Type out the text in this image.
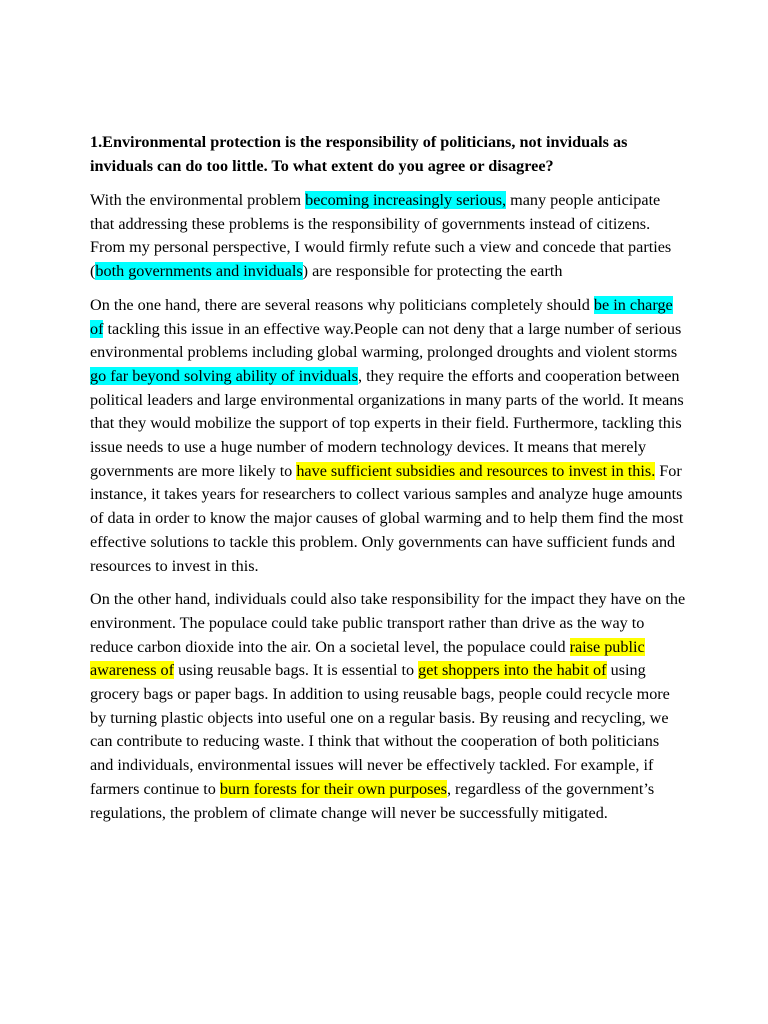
1.Environmental protection is the responsibility of politicians, not inviduals as inviduals can do too little. To what extent do you agree or disagree?

With the environmental problem becoming increasingly serious, many people anticipate that addressing these problems is the responsibility of governments instead of citizens. From my personal perspective, I would firmly refute such a view and concede that parties (both governments and inviduals) are responsible for protecting the earth

On the one hand, there are several reasons why politicians completely should be in charge of tackling this issue in an effective way.People can not deny that a large number of serious environmental problems including global warming, prolonged droughts and violent storms go far beyond solving ability of inviduals, they require the efforts and cooperation between political leaders and large environmental organizations in many parts of the world. It means that they would mobilize the support of top experts in their field. Furthermore, tackling this issue needs to use a huge number of modern technology devices. It means that merely governments are more likely to have sufficient subsidies and resources to invest in this. For instance, it takes years for researchers to collect various samples and analyze huge amounts of data in order to know the major causes of global warming and to help them find the most effective solutions to tackle this problem. Only governments can have sufficient funds and resources to invest in this.

On the other hand, individuals could also take responsibility for the impact they have on the environment. The populace could take public transport rather than drive as the way to reduce carbon dioxide into the air. On a societal level, the populace could raise public awareness of using reusable bags. It is essential to get shoppers into the habit of using grocery bags or paper bags. In addition to using reusable bags, people could recycle more by turning plastic objects into useful one on a regular basis. By reusing and recycling, we can contribute to reducing waste. I think that without the cooperation of both politicians and individuals, environmental issues will never be effectively tackled. For example, if farmers continue to burn forests for their own purposes, regardless of the government’s regulations, the problem of climate change will never be successfully mitigated.
